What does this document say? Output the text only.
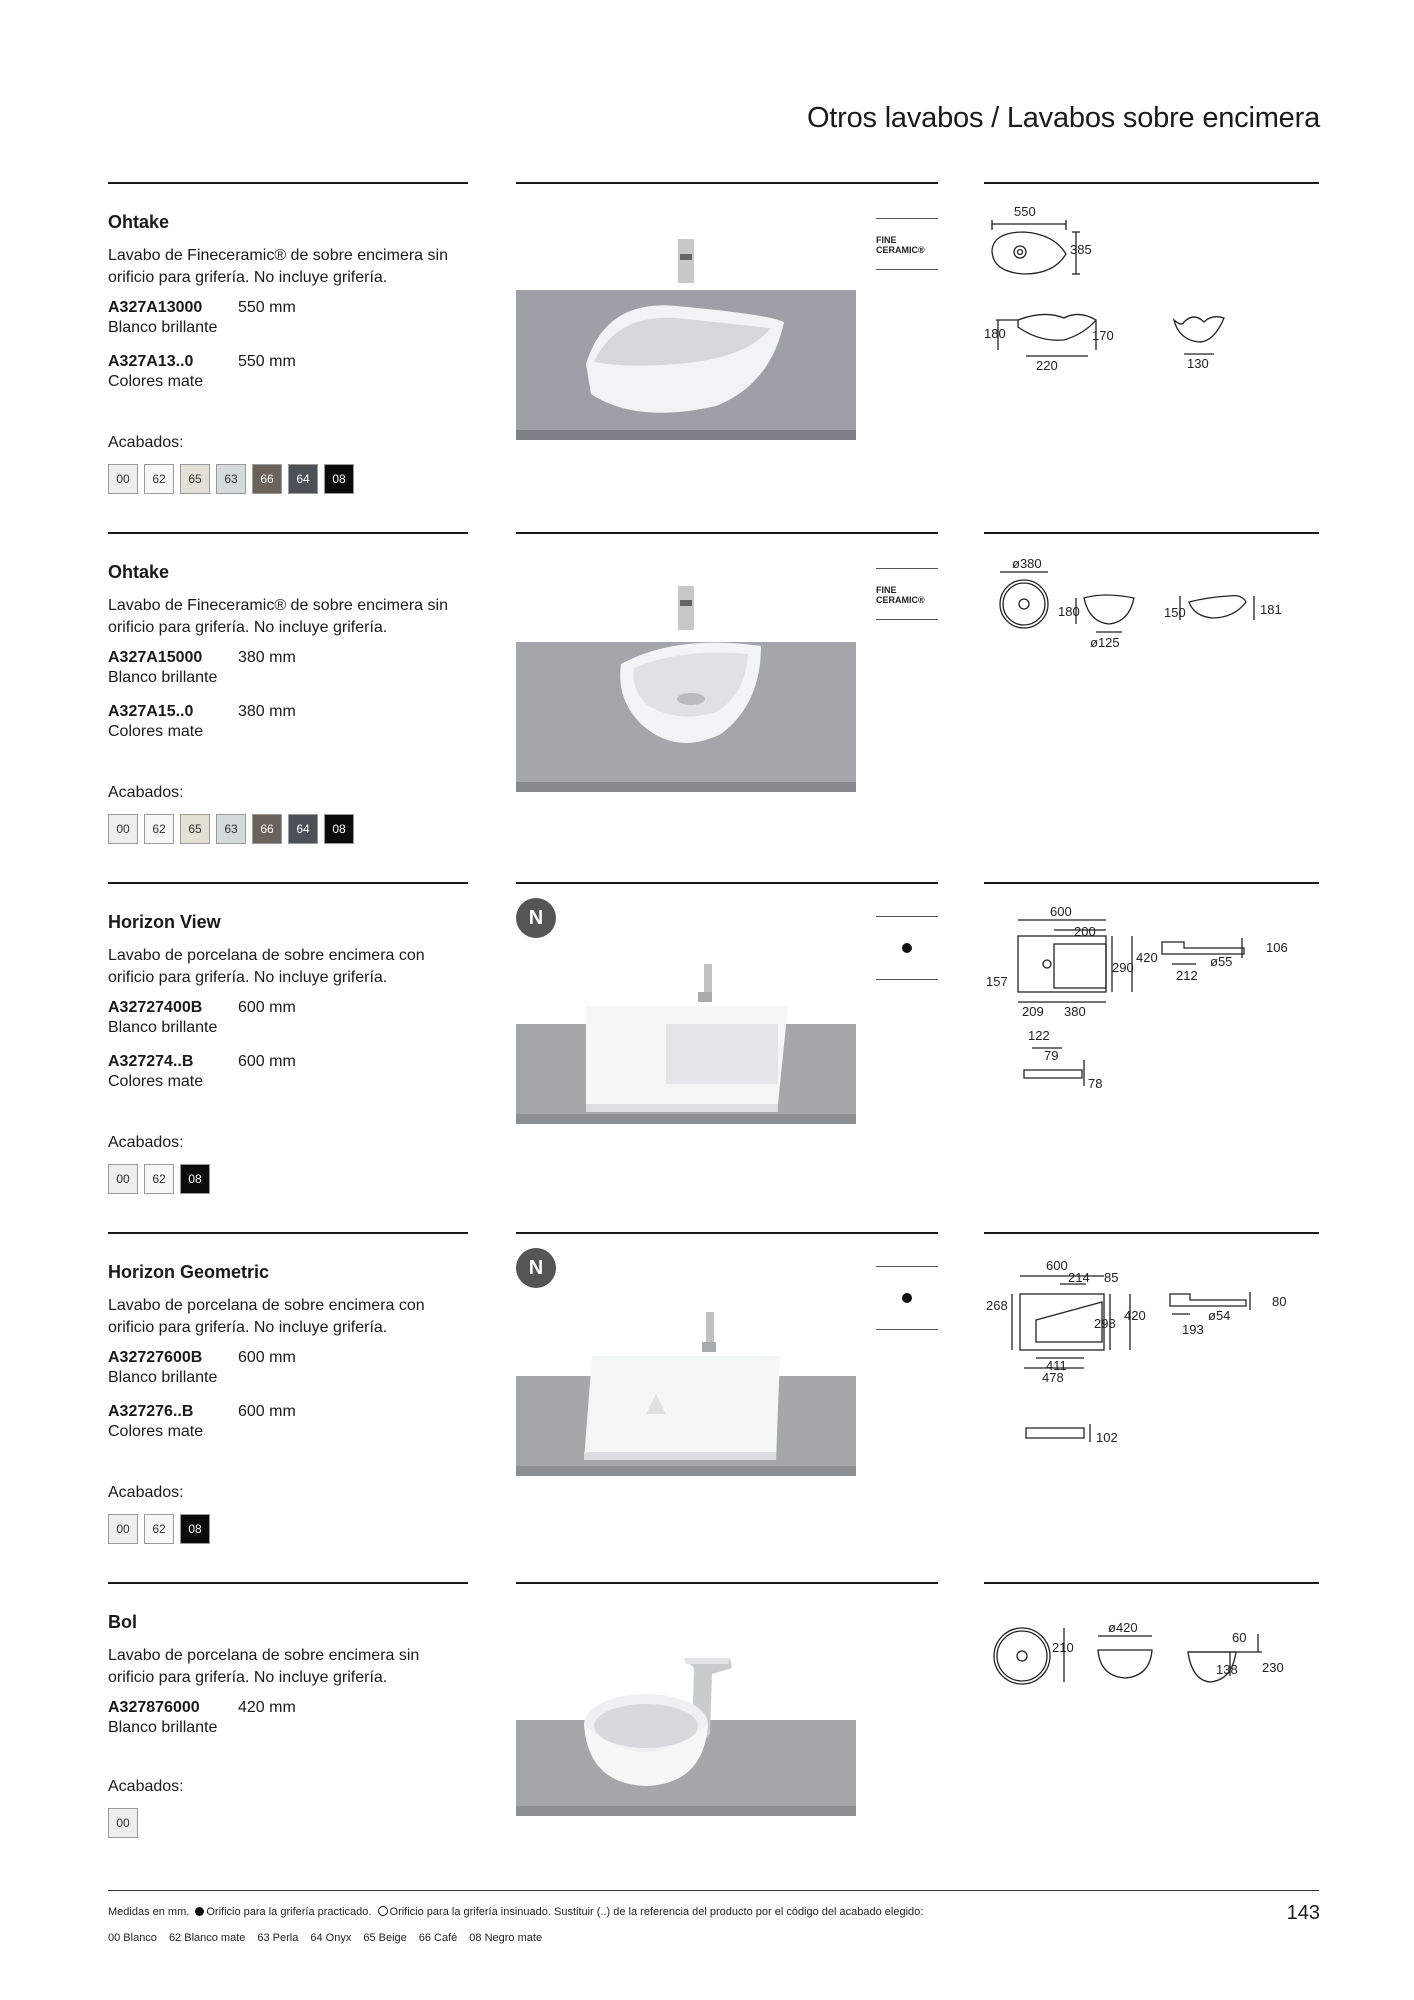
Otros lavabos / Lavabos sobre encimera
Ohtake
Lavabo de Fineceramic® de sobre encimera sin orificio para grifería. No incluye grifería.
A327A13000 550 mm
Blanco brillante
A327A13..0	550 mm
Colores mate
Acabados:
00	62	65	63	66	64	08
FINE
CERAMIC®
550
385
180	170
220	130
Ohtake
Lavabo de Fineceramic® de sobre encimera sin orificio para grifería. No incluye grifería.
A327A15000 380 mm
Blanco brillante
A327A15..0	380 mm
Colores mate
Acabados:
00	62	65	63	66	64	08
FINE
CERAMIC®
ø380
180
ø125
150	181
Horizon View
Lavabo de porcelana de sobre encimera con orificio para grifería. No incluye grifería.
A32727400B 600 mm
Blanco brillante
A327274..B	600 mm
Colores mate
Acabados:
00	62	08
N	600
200
420
290
157
209 380
106
212
ø55
122
79
78
Horizon Geometric
Lavabo de porcelana de sobre encimera con orificio para grifería. No incluye grifería.
A32727600B 600 mm
Blanco brillante
A327276..B	600 mm
Colores mate
Acabados:
00	62	08
N	600
214 85
268
298
420
411
478
80
193
ø54
102
Bol
Lavabo de porcelana de sobre encimera sin orificio para grifería. No incluye grifería.
A327876000 420 mm
Blanco brillante
Acabados:
00
210
ø420
60
138 230
Medidas en mm. Orificio para la grifería practicado. Orificio para la grifería insinuado. Sustituir (..) de la referencia del producto por el código del acabado elegido:
00 Blanco 62 Blanco mate 63 Perla 64 Onyx 65 Beige 66 Café 08 Negro mate
143
